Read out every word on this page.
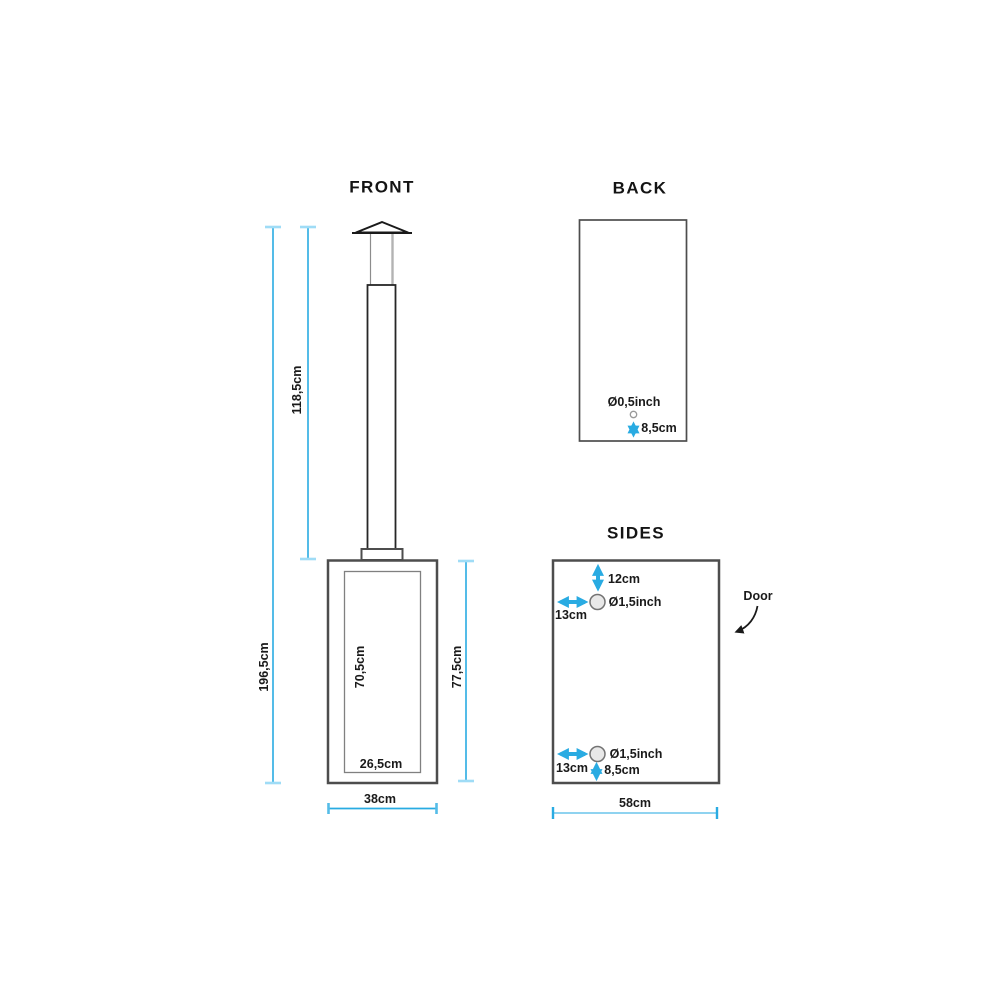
FRONT	BACK
SIDES
196,5cm
118,5cm
70,5cm	77,5cm
26,5cm
38cm
Ø0,5inch
8,5cm
12cm
Ø1,5inch
13cm
Door
Ø1,5inch
13cm 8,5cm
58cm
